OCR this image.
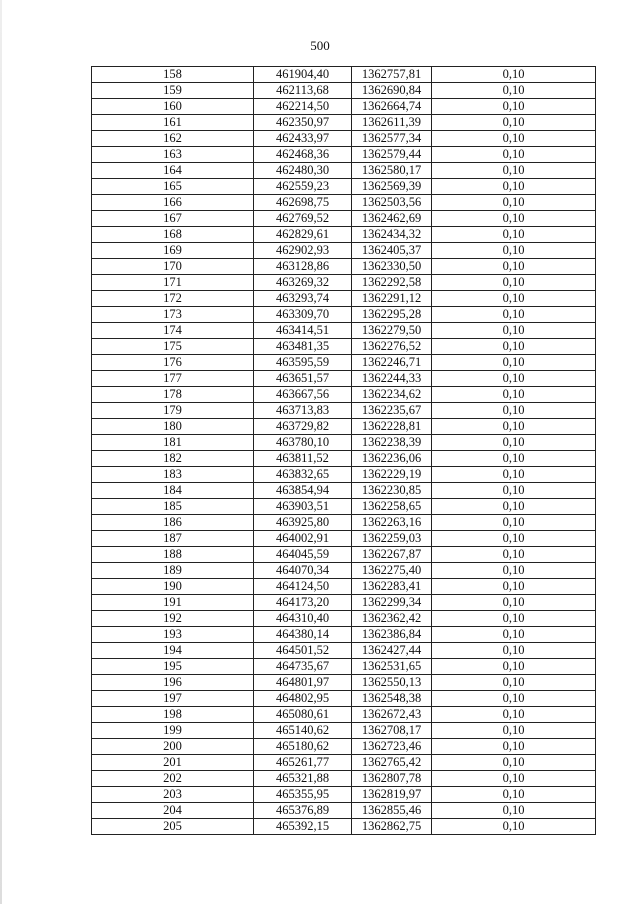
500
158	461904,40	1362757,81	0,10
159	462113,68	1362690,84	0,10
160	462214,50	1362664,74	0,10
161	462350,97	1362611,39	0,10
162	462433,97	1362577,34	0,10
163	462468,36	1362579,44	0,10
164	462480,30	1362580,17	0,10
165	462559,23	1362569,39	0,10
166	462698,75	1362503,56	0,10
167	462769,52	1362462,69	0,10
168	462829,61	1362434,32	0,10
169	462902,93	1362405,37	0,10
170	463128,86	1362330,50	0,10
171	463269,32	1362292,58	0,10
172	463293,74	1362291,12	0,10
173	463309,70	1362295,28	0,10
174	463414,51	1362279,50	0,10
175	463481,35	1362276,52	0,10
176	463595,59	1362246,71	0,10
177	463651,57	1362244,33	0,10
178	463667,56	1362234,62	0,10
179	463713,83	1362235,67	0,10
180	463729,82	1362228,81	0,10
181	463780,10	1362238,39	0,10
182	463811,52	1362236,06	0,10
183	463832,65	1362229,19	0,10
184	463854,94	1362230,85	0,10
185	463903,51	1362258,65	0,10
186	463925,80	1362263,16	0,10
187	464002,91	1362259,03	0,10
188	464045,59	1362267,87	0,10
189	464070,34	1362275,40	0,10
190	464124,50	1362283,41	0,10
191	464173,20	1362299,34	0,10
192	464310,40	1362362,42	0,10
193	464380,14	1362386,84	0,10
194	464501,52	1362427,44	0,10
195	464735,67	1362531,65	0,10
196	464801,97	1362550,13	0,10
197	464802,95	1362548,38	0,10
198	465080,61	1362672,43	0,10
199	465140,62	1362708,17	0,10
200	465180,62	1362723,46	0,10
201	465261,77	1362765,42	0,10
202	465321,88	1362807,78	0,10
203	465355,95	1362819,97	0,10
204	465376,89	1362855,46	0,10
205	465392,15	1362862,75	0,10
